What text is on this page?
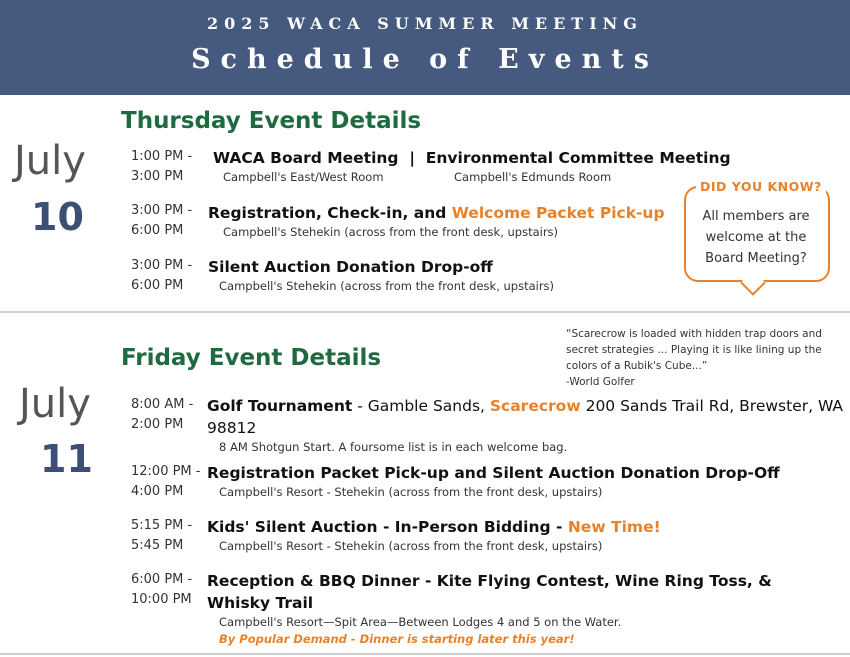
2025 WACA SUMMER MEETING
Schedule of Events
Thursday Event Details
July
10
1:00 PM -
3:00 PM
WACA Board Meeting | Environmental Committee Meeting
Campbell's East/West Room	Campbell's Edmunds Room
3:00 PM -
6:00 PM
Registration, Check-in, and Welcome Packet Pick-up
Campbell's Stehekin (across from the front desk, upstairs)
3:00 PM -
6:00 PM
Silent Auction Donation Drop-off
Campbell's Stehekin (across from the front desk, upstairs)
DID YOU KNOW?
All members are welcome at the Board Meeting?
“Scarecrow is loaded with hidden trap doors and secret strategies ... Playing it is like lining up the colors of a Rubik's Cube...”
-World Golfer
Friday Event Details
July
11
8:00 AM -
2:00 PM
Golf Tournament - Gamble Sands, Scarecrow 200 Sands Trail Rd, Brewster, WA 98812
8 AM Shotgun Start. A foursome list is in each welcome bag.
12:00 PM -
4:00 PM
Registration Packet Pick-up and Silent Auction Donation Drop-Off
Campbell's Resort - Stehekin (across from the front desk, upstairs)
5:15 PM -
5:45 PM
Kids' Silent Auction - In-Person Bidding - New Time!
Campbell's Resort - Stehekin (across from the front desk, upstairs)
6:00 PM -
10:00 PM
Reception & BBQ Dinner - Kite Flying Contest, Wine Ring Toss, & Whisky Trail
Campbell's Resort—Spit Area—Between Lodges 4 and 5 on the Water.
By Popular Demand - Dinner is starting later this year!
